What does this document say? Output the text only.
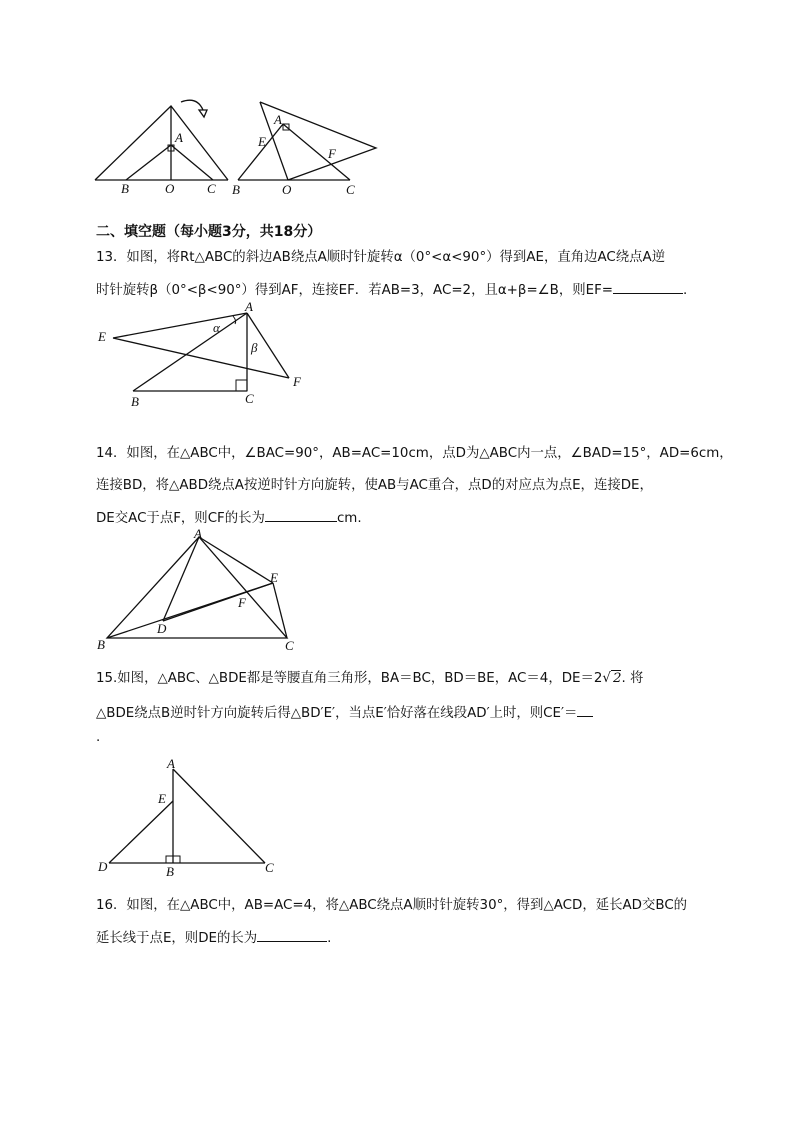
A
B	O	C
A
E
F
B	O	C
二、填空题（每小题3分，共18分）
13．如图，将Rt△ABC的斜边AB绕点A顺时针旋转α（0°<α<90°）得到AE，直角边AC绕点A逆
时针旋转β（0°<β<90°）得到AF，连接EF．若AB=3，AC=2，且α+β=∠B，则EF=	.
E
A
α
β
F
B	C
14．如图，在△ABC中，∠BAC=90°，AB=AC=10cm，点D为△ABC内一点，∠BAD=15°，AD=6cm，
连接BD，将△ABD绕点A按逆时针方向旋转，使AB与AC重合，点D的对应点为点E，连接DE，
DE交AC于点F，则CF的长为	cm.
A
E
F
D
B	C
15.如图，△ABC、△BDE都是等腰直角三角形，BA＝BC，BD＝BE，AC＝4，DE＝2√ 2. 将
△BDE绕点B逆时针方向旋转后得△BD′E′，当点E′恰好落在线段AD′上时，则CE′＝
.
A
E
D	B	C
16．如图，在△ABC中，AB=AC=4，将△ABC绕点A顺时针旋转30°，得到△ACD，延长AD交BC的
延长线于点E，则DE的长为	.
